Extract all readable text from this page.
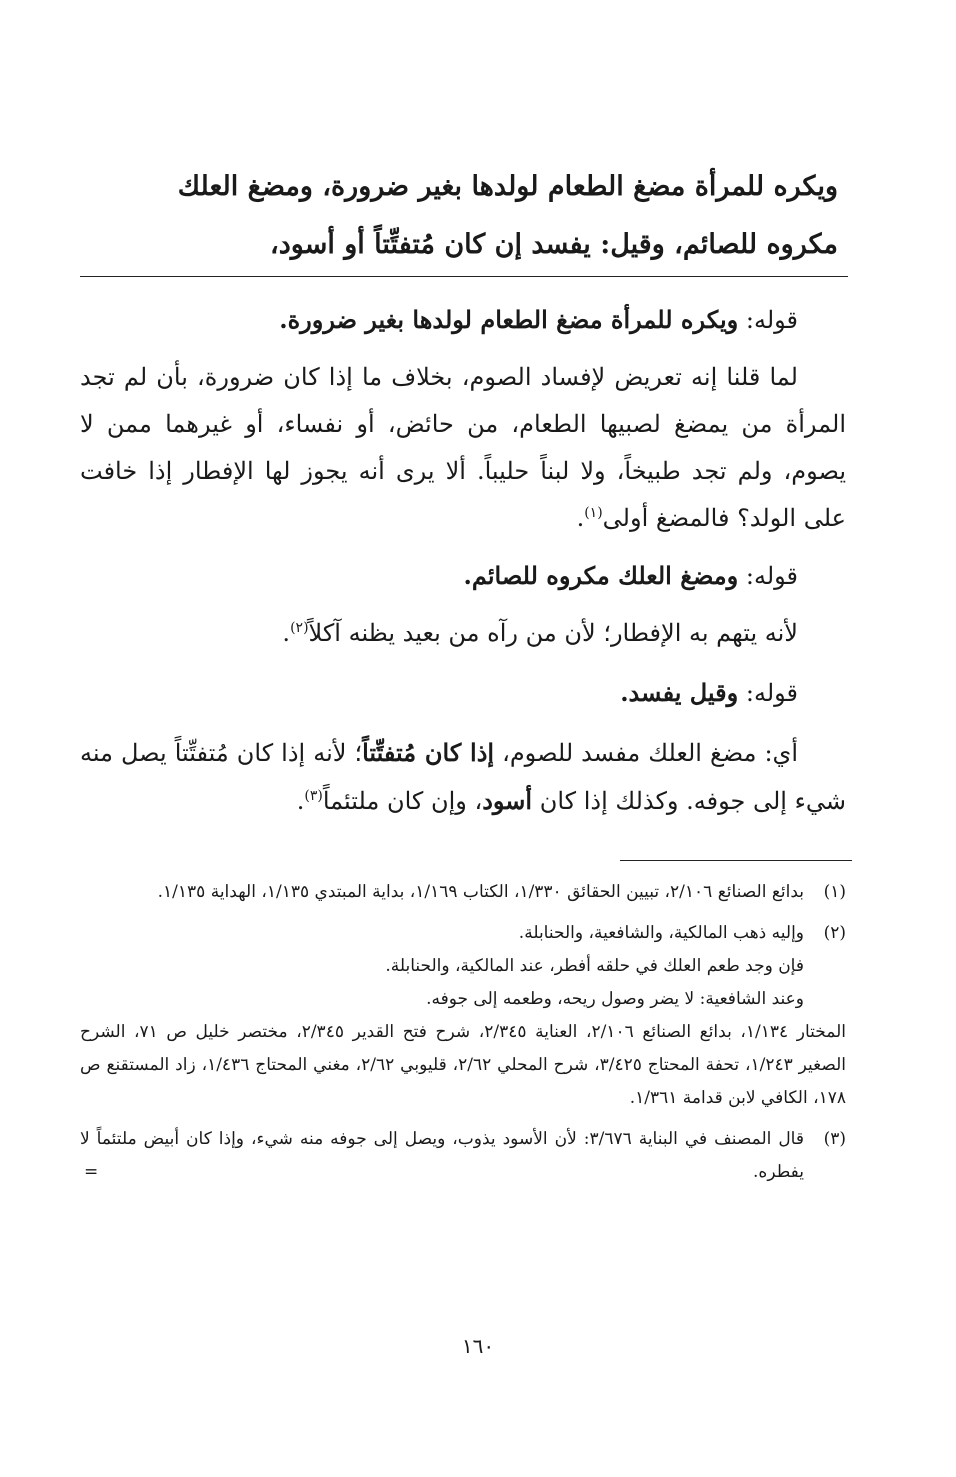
ويكره للمرأة مضغ الطعام لولدها بغير ضرورة، ومضغ العلك
مكروه للصائم، وقيل: يفسد إن كان مُتفتِّتاً أو أسود،

قوله: ويكره للمرأة مضغ الطعام لولدها بغير ضرورة.

لما قلنا إنه تعريض لإفساد الصوم، بخلاف ما إذا كان ضرورة، بأن لم تجد المرأة من يمضغ لصبيها الطعام، من حائض، أو نفساء، أو غيرهما ممن لا يصوم، ولم تجد طبيخاً، ولا لبناً حليباً. ألا يرى أنه يجوز لها الإفطار إذا خافت على الولد؟ فالمضغ أولى$^{(١)}$.

قوله: ومضغ العلك مكروه للصائم.

لأنه يتهم به الإفطار؛ لأن من رآه من بعيد يظنه آكلاً$^{(٢)}$.

قوله: وقيل يفسد.

أي: مضغ العلك مفسد للصوم، إذا كان مُتفتِّتاً؛ لأنه إذا كان مُتفتِّتاً يصل منه شيء إلى جوفه. وكذلك إذا كان أسود، وإن كان ملتئماً$^{(٣)}$.

(١)

بدائع الصنائع ٢/١٠٦، تبيين الحقائق ١/٣٣٠، الكتاب ١/١٦٩، بداية المبتدي ١/١٣٥، الهداية ١/١٣٥.

(٢)

وإليه ذهب المالكية، والشافعية، والحنابلة.

فإن وجد طعم العلك في حلقه أفطر، عند المالكية، والحنابلة.

وعند الشافعية: لا يضر وصول ريحه، وطعمه إلى جوفه.

المختار ١/١٣٤، بدائع الصنائع ٢/١٠٦، العناية ٢/٣٤٥، شرح فتح القدير ٢/٣٤٥، مختصر خليل ص ٧١، الشرح الصغير ١/٢٤٣، تحفة المحتاج ٣/٤٢٥، شرح المحلي ٢/٦٢، قليوبي ٢/٦٢، مغني المحتاج ١/٤٣٦، زاد المستقنع ص ١٧٨، الكافي لابن قدامة ١/٣٦١.

(٣)

قال المصنف في البناية ٣/٦٧٦: لأن الأسود يذوب، ويصل إلى جوفه منه شيء، وإذا كان أبيض ملتئماً لا يفطره.

=
١٦٠
